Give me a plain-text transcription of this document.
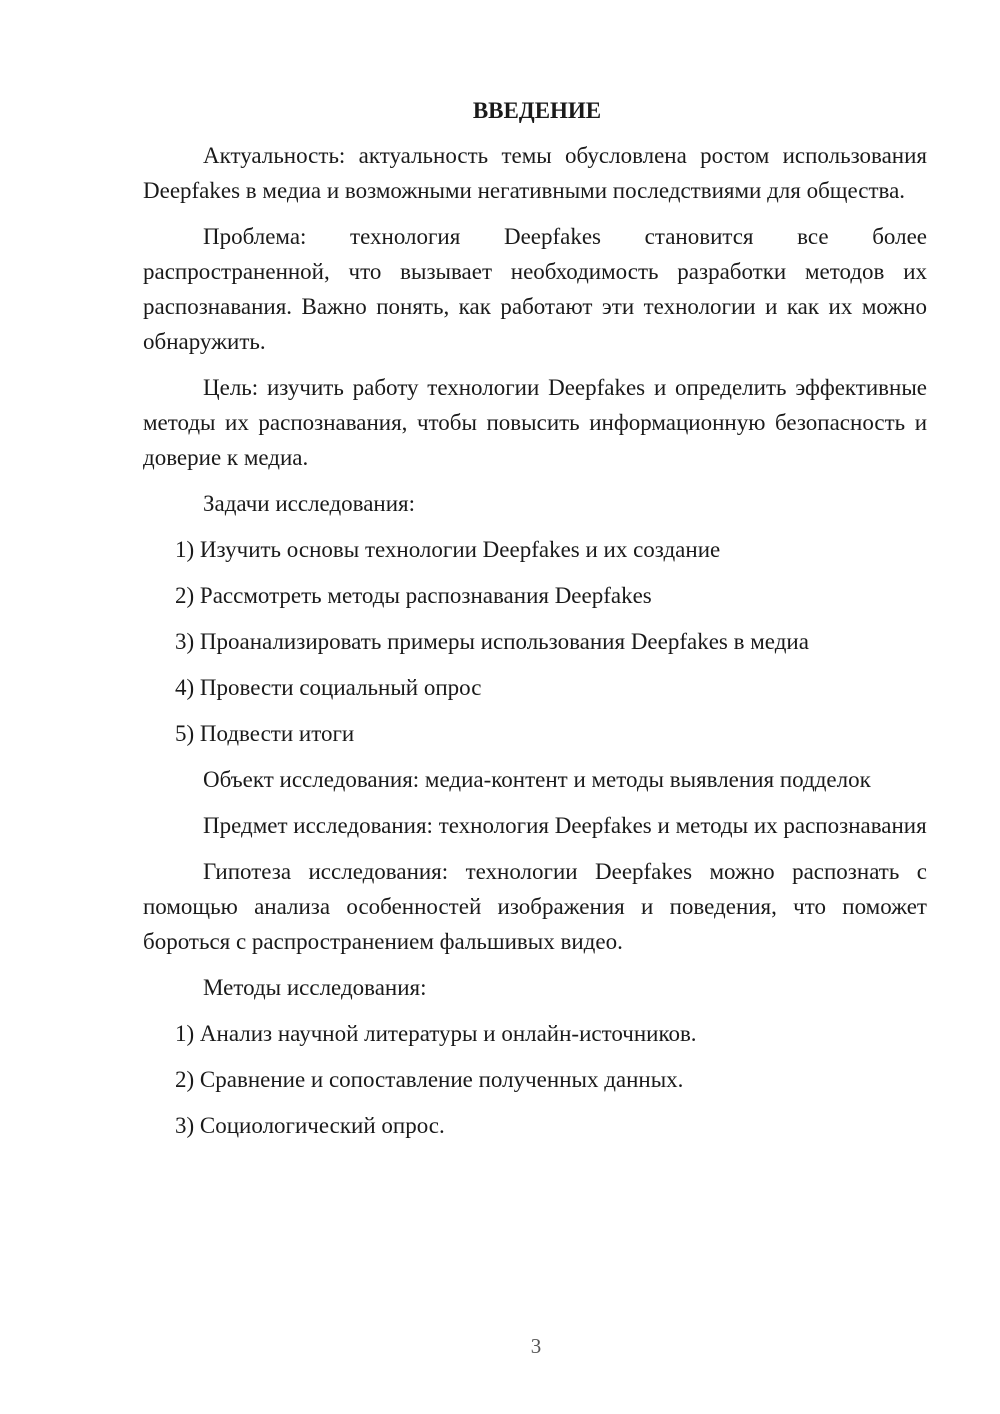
ВВЕДЕНИЕ

Актуальность: актуальность темы обусловлена ростом использования Deepfakes в медиа и возможными негативными последствиями для общества.

Проблема: технология Deepfakes становится все более распространенной, что вызывает необходимость разработки методов их распознавания. Важно понять, как работают эти технологии и как их можно обнаружить.

Цель: изучить работу технологии Deepfakes и определить эффективные методы их распознавания, чтобы повысить информационную безопасность и доверие к медиа.

Задачи исследования:
1) Изучить основы технологии Deepfakes и их создание
2) Рассмотреть методы распознавания Deepfakes
3) Проанализировать примеры использования Deepfakes в медиа
4) Провести социальный опрос
5) Подвести итоги

Объект исследования: медиа-контент и методы выявления подделок

Предмет исследования: технология Deepfakes и методы их распознавания

Гипотеза исследования: технологии Deepfakes можно распознать с помощью анализа особенностей изображения и поведения, что поможет бороться с распространением фальшивых видео.

Методы исследования:
1) Анализ научной литературы и онлайн-источников.
2) Сравнение и сопоставление полученных данных.
3) Социологический опрос.
3
